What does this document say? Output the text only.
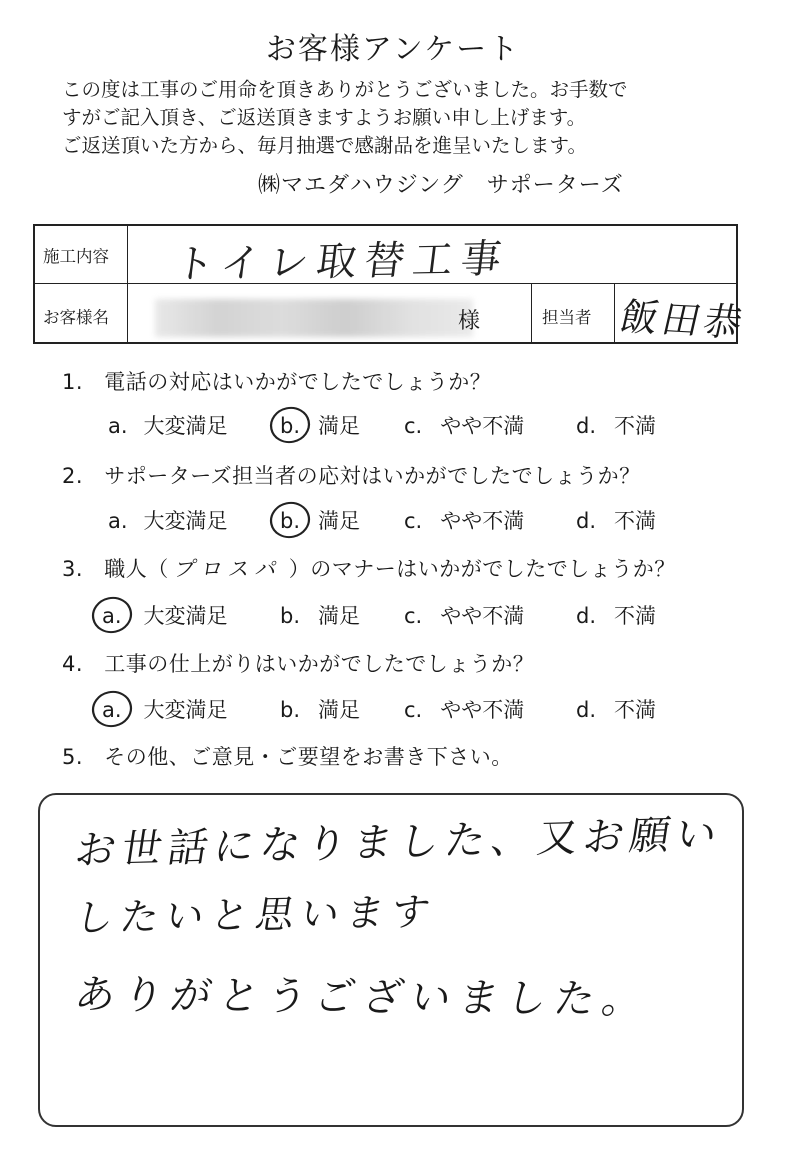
お客様アンケート
この度は工事のご用命を頂きありがとうございました。お手数で
すがご記入頂き、ご返送頂きますようお願い申し上げます。
ご返送頂いた方から、毎月抽選で感謝品を進呈いたします。
㈱マエダハウジング　サポーターズ
施工内容 トイレ取替工事
お客様名	様	担当者 飯田恭
1. 電話の対応はいかがでしたでしょうか？
a. 大変満足 b. 満足 c. やや不満 d. 不満
2. サポーターズ担当者の応対はいかがでしたでしょうか？
a. 大変満足 b. 満足 c. やや不満 d. 不満
3. 職人（ プロスパ ）のマナーはいかがでしたでしょうか？
a. 大変満足 b. 満足 c. やや不満 d. 不満
4. 工事の仕上がりはいかがでしたでしょうか？
a. 大変満足 b. 満足 c. やや不満 d. 不満
5. その他、ご意見・ご要望をお書き下さい。
お世話になりました、又お願い
したいと思います
ありがとうございました。
